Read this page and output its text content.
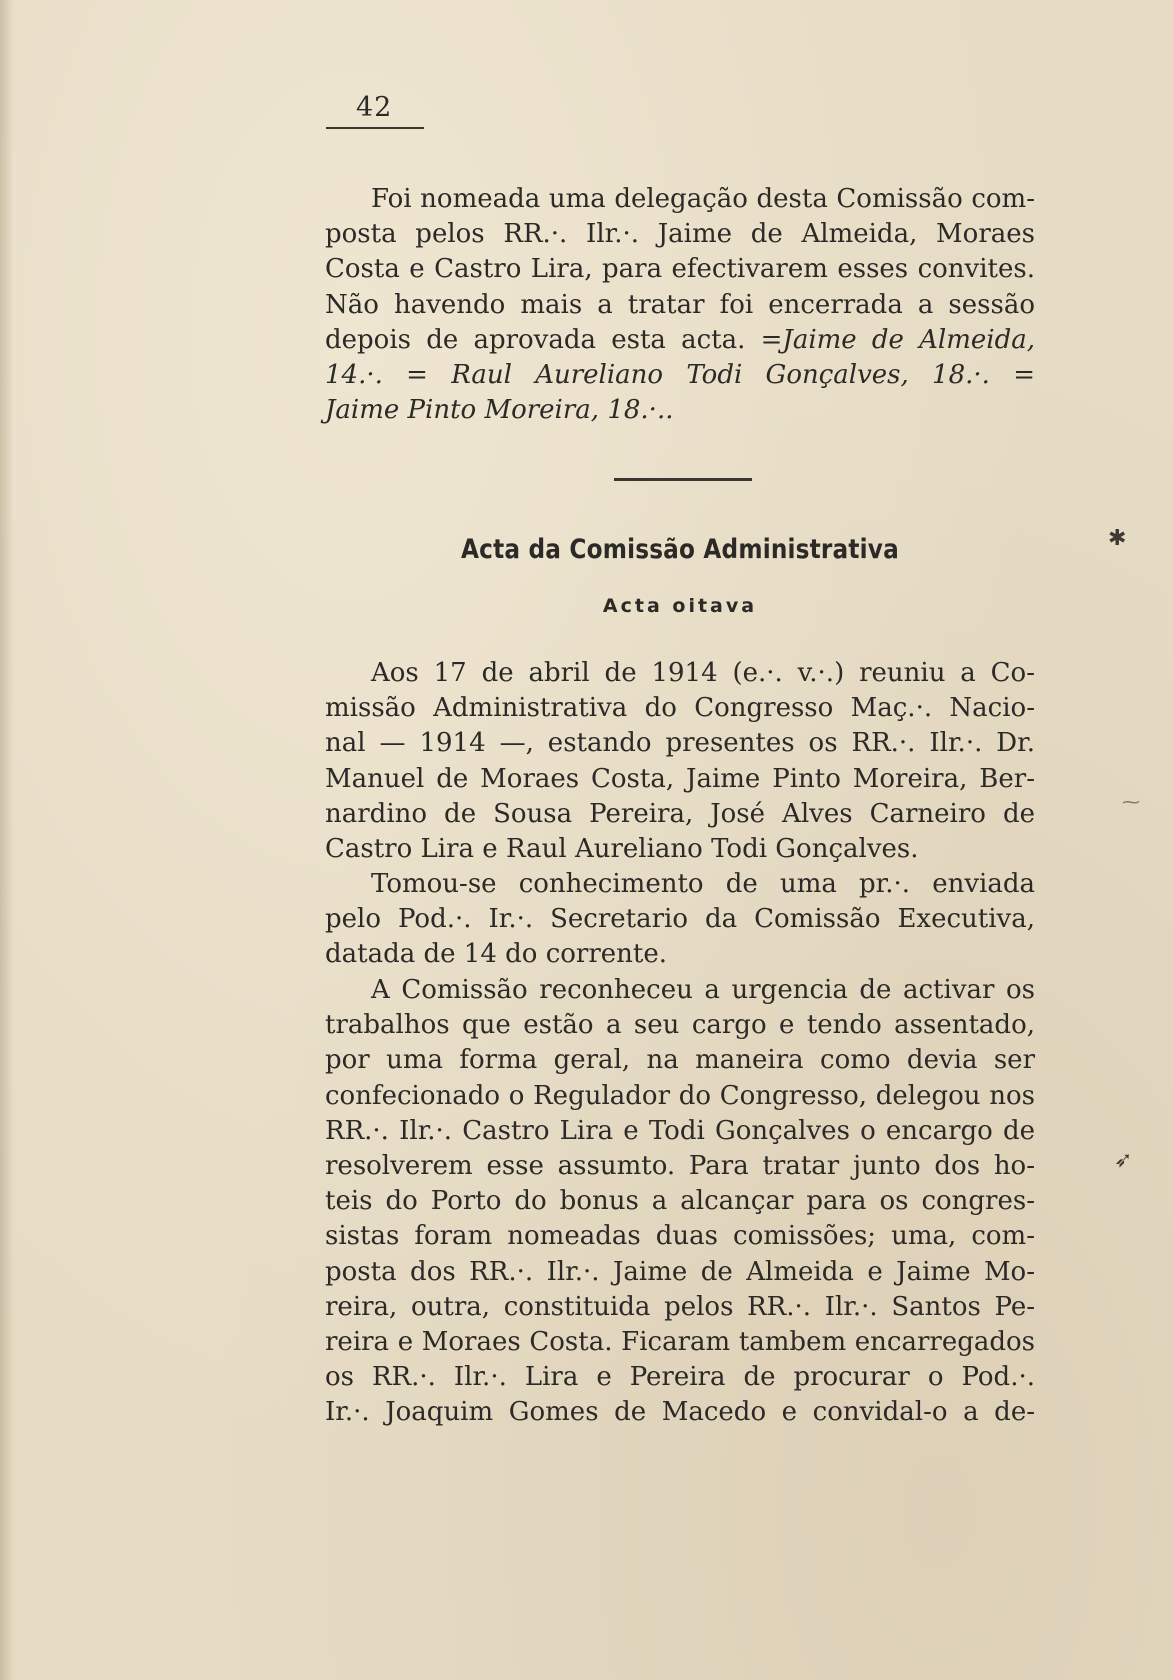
42
Foi nomeada uma delegação desta Comissão com-
posta pelos RR.·. Ilr.·. Jaime de Almeida, Moraes
Costa e Castro Lira, para efectivarem esses convites.
Não havendo mais a tratar foi encerrada a sessão
depois de aprovada esta acta. =Jaime de Almeida,
14.·. = Raul Aureliano Todi Gonçalves, 18.·. =
Jaime Pinto Moreira, 18.·..
Acta da Comissão Administrativa
Acta oitava
Aos 17 de abril de 1914 (e.·. v.·.) reuniu a Co-
missão Administrativa do Congresso Maç.·. Nacio-
nal — 1914 —, estando presentes os RR.·. Ilr.·. Dr.
Manuel de Moraes Costa, Jaime Pinto Moreira, Ber-
nardino de Sousa Pereira, José Alves Carneiro de
Castro Lira e Raul Aureliano Todi Gonçalves.
Tomou-se conhecimento de uma pr.·. enviada
pelo Pod.·. Ir.·. Secretario da Comissão Executiva,
datada de 14 do corrente.
A Comissão reconheceu a urgencia de activar os
trabalhos que estão a seu cargo e tendo assentado,
por uma forma geral, na maneira como devia ser
confecionado o Regulador do Congresso, delegou nos
RR.·. Ilr.·. Castro Lira e Todi Gonçalves o encargo de
resolverem esse assumto. Para tratar junto dos ho-
teis do Porto do bonus a alcançar para os congres-
sistas foram nomeadas duas comissões; uma, com-
posta dos RR.·. Ilr.·. Jaime de Almeida e Jaime Mo-
reira, outra, constituida pelos RR.·. Ilr.·. Santos Pe-
reira e Moraes Costa. Ficaram tambem encarregados
os RR.·. Ilr.·. Lira e Pereira de procurar o Pod.·.
Ir.·. Joaquim Gomes de Macedo e convidal-o a de-
✱
⁓
➶
